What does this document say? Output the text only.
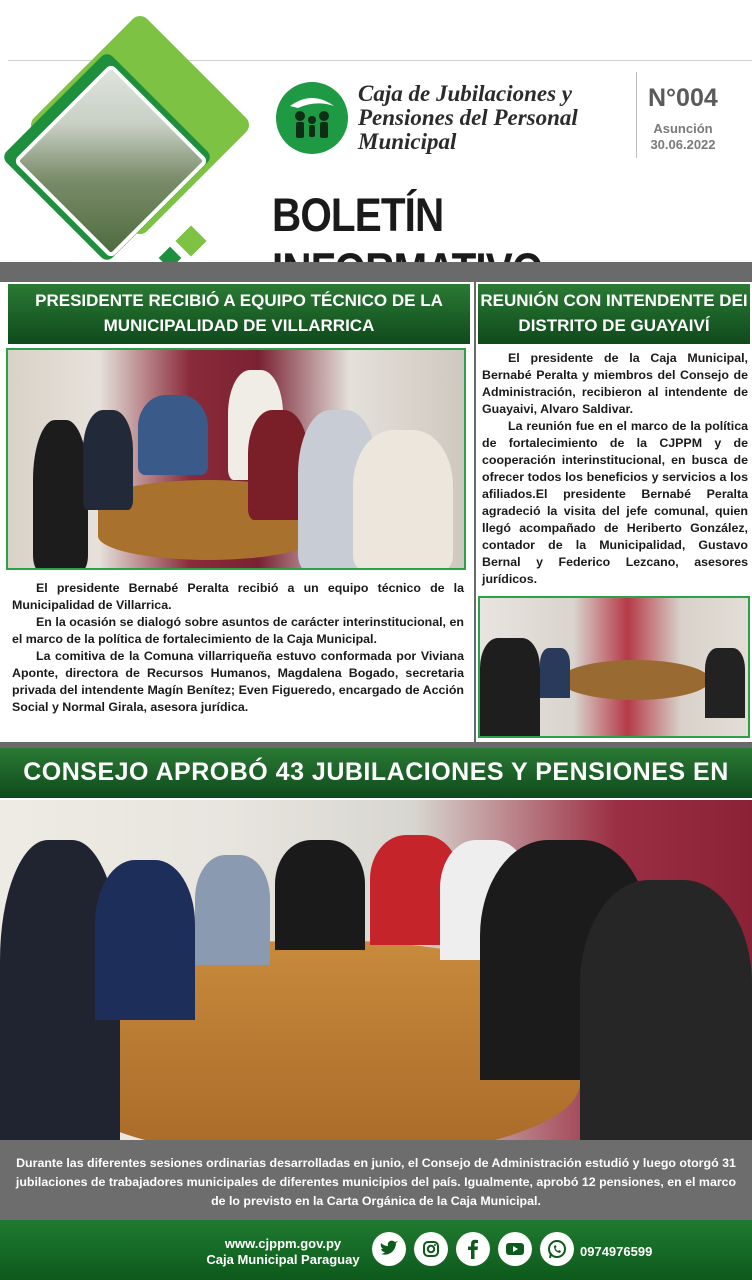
Caja de Jubilaciones y
Pensiones del Personal
Municipal
N°004
Asunción
30.06.2022
BOLETÍN
PRESIDENTE RECIBIÓ A EQUIPO TÉCNICO DE LA
MUNICIPALIDAD DE VILLARRICA

El presidente Bernabé Peralta recibió a un equipo técnico de la Municipalidad de Villarrica.

En la ocasión se dialogó sobre asuntos de carácter interinstitucional, en el marco de la política de fortalecimiento de la Caja Municipal.

La comitiva de la Comuna villarriqueña estuvo conformada por Viviana Aponte, directora de Recursos Humanos, Magdalena Bogado, secretaria privada del intendente Magín Benítez; Even Figueredo, encargado de Acción Social y Normal Girala, asesora jurídica.

REUNIÓN CON INTENDENTE DEI
DISTRITO DE GUAYAIVÍ

El presidente de la Caja Municipal, Bernabé Peralta y miembros del Consejo de Administración, recibieron al intendente de Guayaivi, Alvaro Saldivar.

La reunión fue en el marco de la política de fortalecimiento de la CJPPM y de cooperación interinstitucional, en busca de ofrecer todos los beneficios y servicios a los afiliados.El presidente Bernabé Peralta agradeció la visita del jefe comunal, quien llegó acompañado de Heriberto González, contador de la Municipalidad, Gustavo Bernal y Federico Lezcano, asesores jurídicos.

CONSEJO APROBÓ 43 JUBILACIONES Y PENSIONES EN
Durante las diferentes sesiones ordinarias desarrolladas en junio, el Consejo de Administración estudió y luego otorgó 31 jubilaciones de trabajadores municipales de diferentes municipios del país. Igualmente, aprobó 12 pensiones, en el marco de lo previsto en la Carta Orgánica de la Caja Municipal.
www.cjppm.gov.py
Caja Municipal Paraguay
0974976599
